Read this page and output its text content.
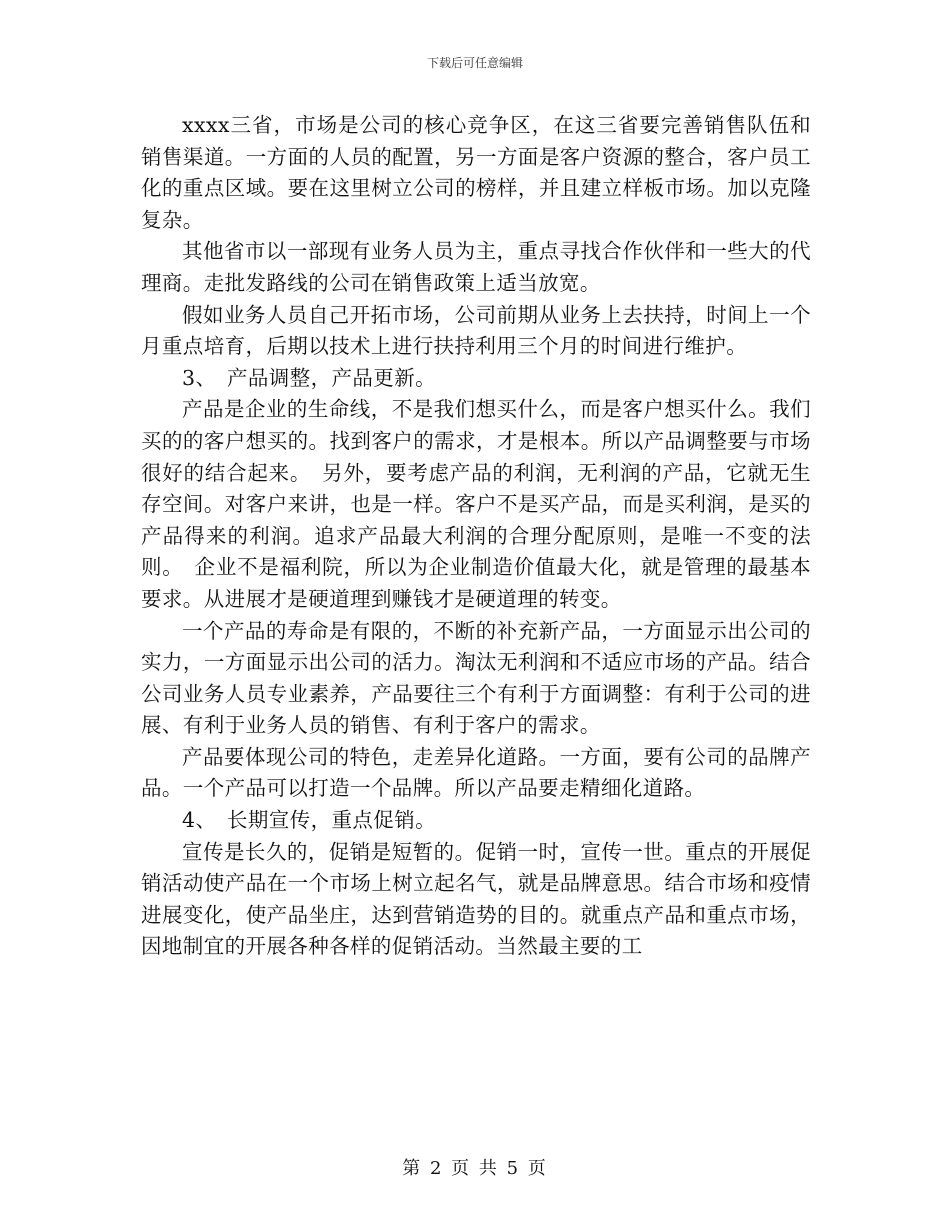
下载后可任意编辑

xxxx三省，市场是公司的核心竞争区，在这三省要完善销售队伍和销售渠道。一方面的人员的配置，另一方面是客户资源的整合，客户员工化的重点区域。要在这里树立公司的榜样，并且建立样板市场。加以克隆复杂。

其他省市以一部现有业务人员为主，重点寻找合作伙伴和一些大的代理商。走批发路线的公司在销售政策上适当放宽。

假如业务人员自己开拓市场，公司前期从业务上去扶持，时间上一个月重点培育，后期以技术上进行扶持利用三个月的时间进行维护。

3、　产品调整，产品更新。

产品是企业的生命线，不是我们想买什么，而是客户想买什么。我们买的的客户想买的。找到客户的需求，才是根本。所以产品调整要与市场很好的结合起来。　另外，要考虑产品的利润，无利润的产品，它就无生存空间。对客户来讲，也是一样。客户不是买产品，而是买利润，是买的产品得来的利润。追求产品最大利润的合理分配原则，是唯一不变的法则。　企业不是福利院，所以为企业制造价值最大化，就是管理的最基本要求。从进展才是硬道理到赚钱才是硬道理的转变。

一个产品的寿命是有限的，不断的补充新产品，一方面显示出公司的实力，一方面显示出公司的活力。淘汰无利润和不适应市场的产品。结合公司业务人员专业素养，产品要往三个有利于方面调整：有利于公司的进展、有利于业务人员的销售、有利于客户的需求。

产品要体现公司的特色，走差异化道路。一方面，要有公司的品牌产品。一个产品可以打造一个品牌。所以产品要走精细化道路。

4、　长期宣传，重点促销。

宣传是长久的，促销是短暂的。促销一时，宣传一世。重点的开展促销活动使产品在一个市场上树立起名气，就是品牌意思。结合市场和疫情进展变化，使产品坐庄，达到营销造势的目的。就重点产品和重点市场，因地制宜的开展各种各样的促销活动。当然最主要的工

第 2 页 共 5 页
